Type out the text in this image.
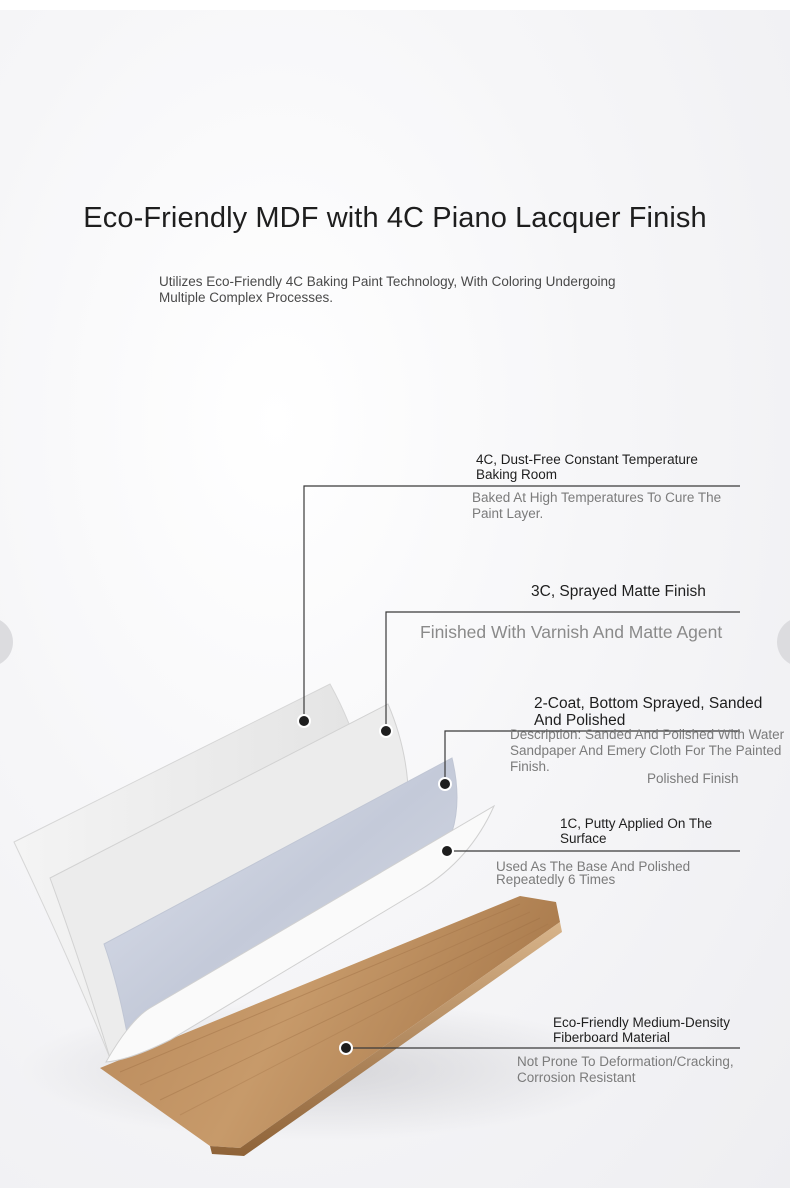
Eco-Friendly MDF with 4C Piano Lacquer Finish
Utilizes Eco-Friendly 4C Baking Paint Technology, With Coloring Undergoing Multiple Complex Processes.
4C, Dust-Free Constant Temperature Baking Room
Baked At High Temperatures To Cure The Paint Layer.
3C, Sprayed Matte Finish
Finished With Varnish And Matte Agent
2-Coat, Bottom Sprayed, Sanded And Polished
Description: Sanded And Polished With Water Sandpaper And Emery Cloth For The Painted Finish.
Polished Finish
1C, Putty Applied On The Surface
Used As The Base And Polished Repeatedly 6 Times
Eco-Friendly Medium-Density Fiberboard Material
Not Prone To Deformation/Cracking, Corrosion Resistant
